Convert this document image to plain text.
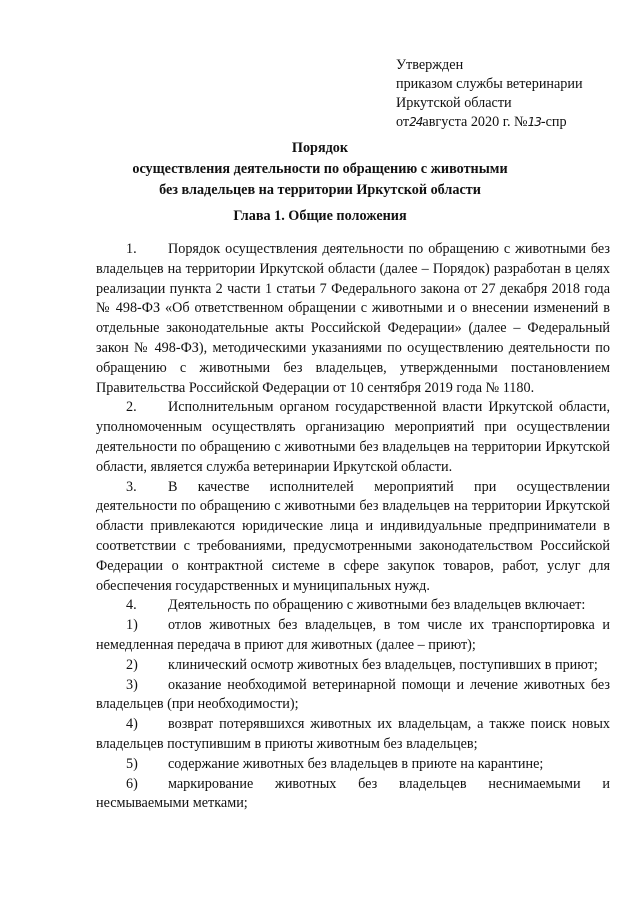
Утвержден
приказом службы ветеринарии
Иркутской области
от24августа 2020 г. №13-спр
Порядок
осуществления деятельности по обращению с животными
без владельцев на территории Иркутской области
Глава 1. Общие положения

1. Порядок осуществления деятельности по обращению с животными без владельцев на территории Иркутской области (далее – Порядок) разработан в целях реализации пункта 2 части 1 статьи 7 Федерального закона от 27 декабря 2018 года № 498-ФЗ «Об ответственном обращении с животными и о внесении изменений в отдельные законодательные акты Российской Федерации» (далее – Федеральный закон № 498-ФЗ), методическими указаниями по осуществлению деятельности по обращению с животными без владельцев, утвержденными постановлением Правительства Российской Федерации от 10 сентября 2019 года № 1180.

2. Исполнительным органом государственной власти Иркутской области, уполномоченным осуществлять организацию мероприятий при осуществлении деятельности по обращению с животными без владельцев на территории Иркутской области, является служба ветеринарии Иркутской области.

3. В качестве исполнителей мероприятий при осуществлении деятельности по обращению с животными без владельцев на территории Иркутской области привлекаются юридические лица и индивидуальные предприниматели в соответствии с требованиями, предусмотренными законодательством Российской Федерации о контрактной системе в сфере закупок товаров, работ, услуг для обеспечения государственных и муниципальных нужд.

4. Деятельность по обращению с животными без владельцев включает:

1) отлов животных без владельцев, в том числе их транспортировка и немедленная передача в приют для животных (далее – приют);

2) клинический осмотр животных без владельцев, поступивших в приют;

3) оказание необходимой ветеринарной помощи и лечение животных без владельцев (при необходимости);

4) возврат потерявшихся животных их владельцам, а также поиск новых владельцев поступившим в приюты животным без владельцев;

5) содержание животных без владельцев в приюте на карантине;

6) маркирование животных без владельцев неснимаемыми и несмываемыми метками;
